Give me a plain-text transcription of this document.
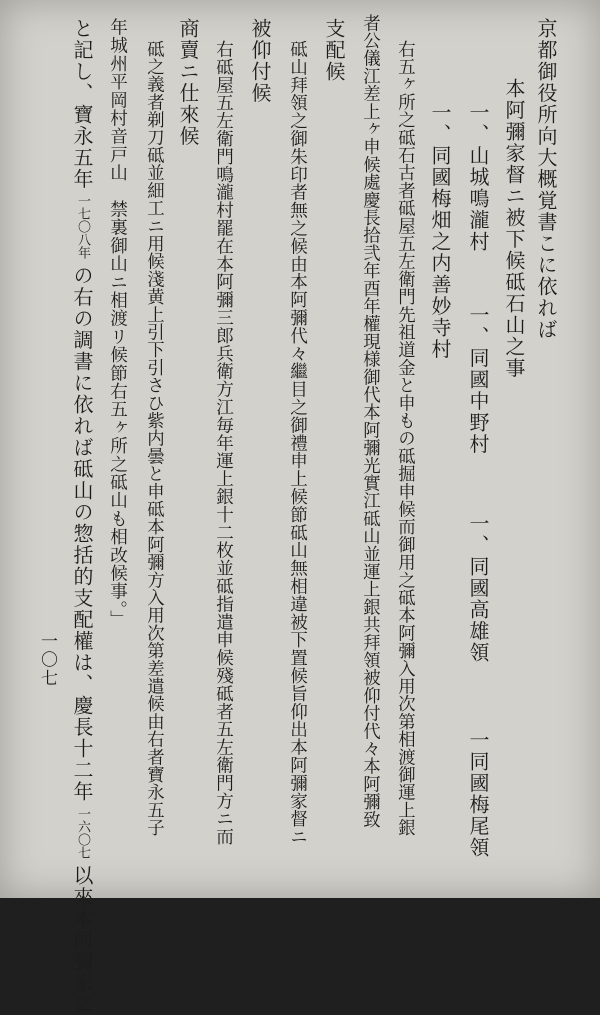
京都御役所向大概覚書こに依れば
本阿彌家督ニ被下候砥石山之事
一、山城鳴瀧村一、同國中野村一、同國高雄領一同國梅尾領
一、同國梅畑之内善妙寺村
右五ヶ所之砥石古者砥屋五左衛門先祖道金と申もの砥掘申候而御用之砥本阿彌入用次第相渡御運上銀
者公儀江差上ヶ申候處慶長拾弐年酉年權現様御代本阿彌光實江砥山並運上銀共拜領被仰付代々本阿彌致
支配候
砥山拜領之御朱印者無之候由本阿彌代々繼目之御禮申上候節砥山無相違被下置候旨仰出本阿彌家督ニ
被仰付候
右砥屋五左衛門鳴瀧村罷在本阿彌三郎兵衛方江毎年運上銀十二枚並砥指遣申候殘砥者五左衛門方ニ而
商賣ニ仕來候
砥之義者剃刀砥並細工ニ用候淺黄上引下引さひ紫内曇と申砥本阿彌方入用次第差遣候由右者寶永五子
年城州平岡村音戸山　禁裏御山ニ相渡リ候節右五ヶ所之砥山も相改候事。」
と記し、寶永五年一七〇八年の右の調書に依れば砥山の惣括的支配權は、慶長十二年一六〇七以來本阿彌家に
一〇七
